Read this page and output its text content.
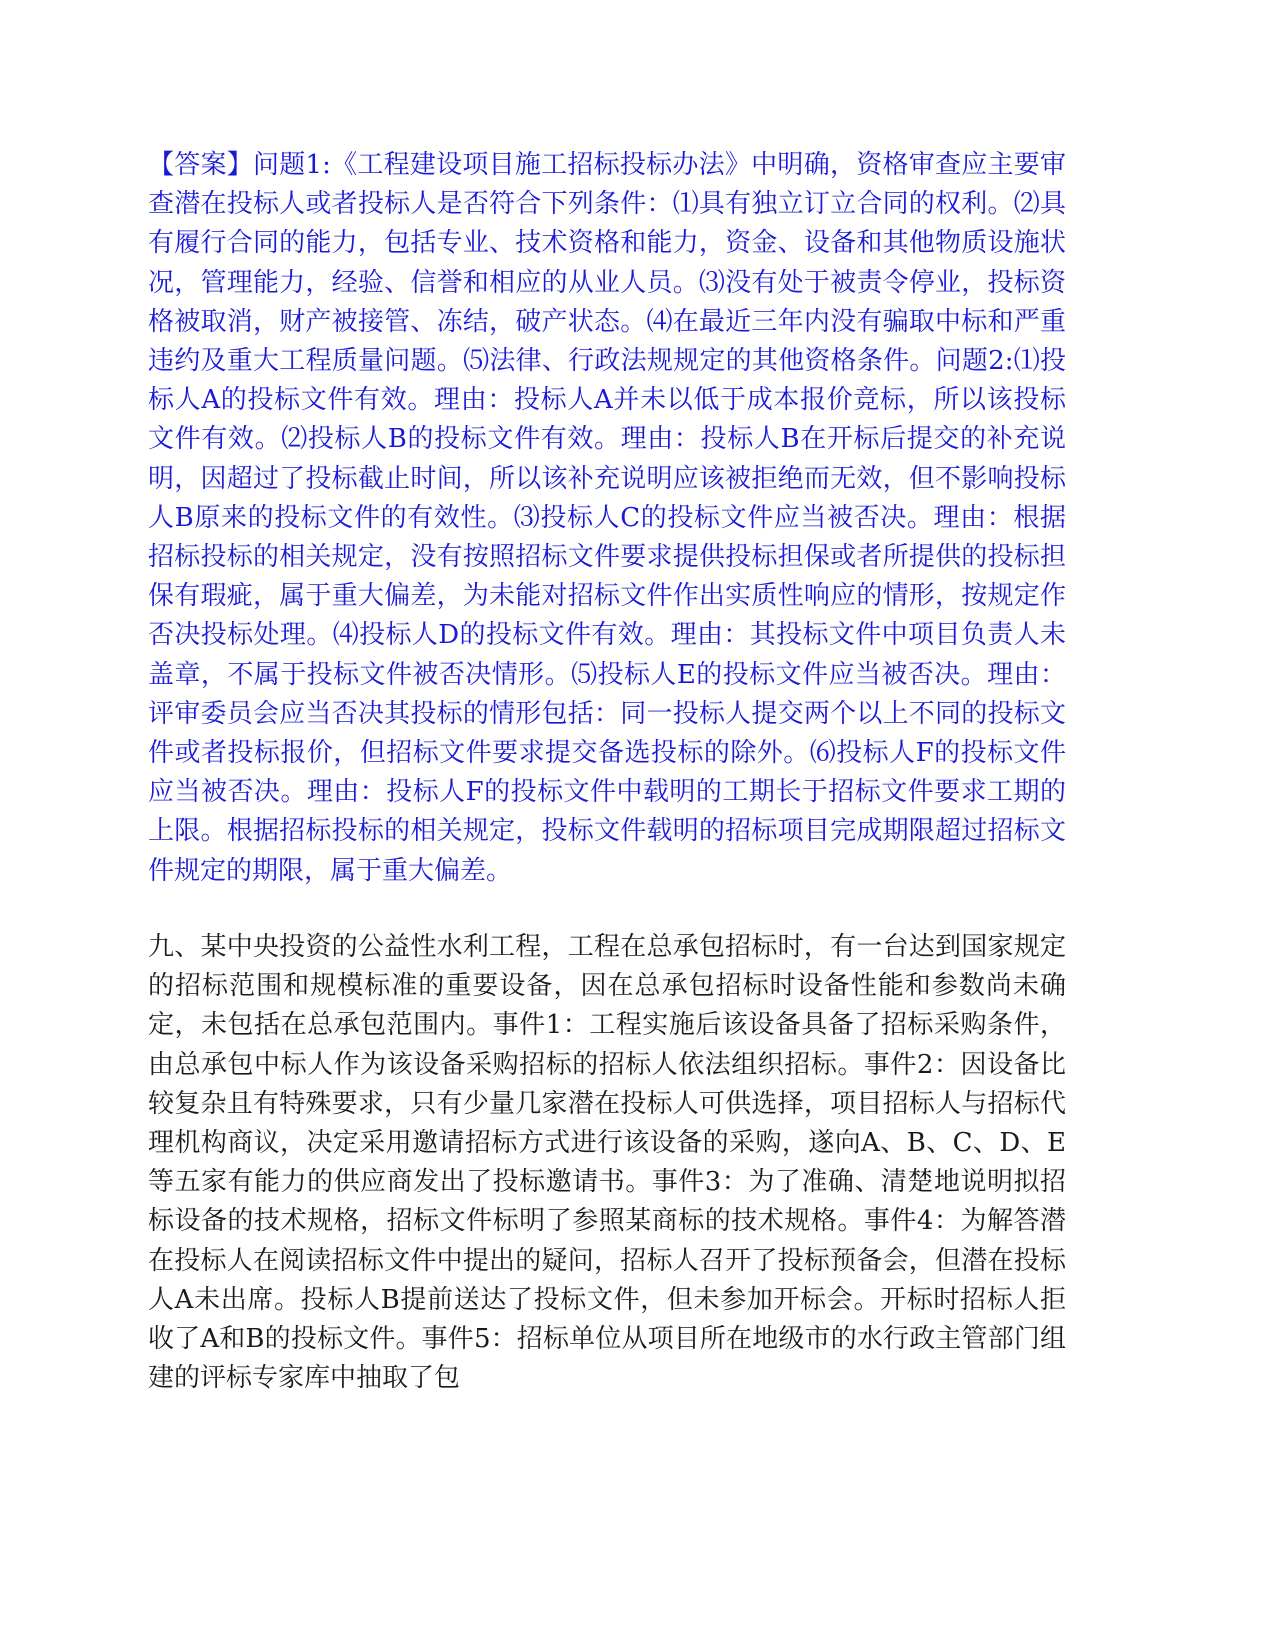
【答案】问题1:《工程建设项目施工招标投标办法》中明确，资格审查应主要审查潜在投标人或者投标人是否符合下列条件：⑴具有独立订立合同的权利。⑵具有履行合同的能力，包括专业、技术资格和能力，资金、设备和其他物质设施状况，管理能力，经验、信誉和相应的从业人员。⑶没有处于被责令停业，投标资格被取消，财产被接管、冻结，破产状态。⑷在最近三年内没有骗取中标和严重违约及重大工程质量问题。⑸法律、行政法规规定的其他资格条件。问题2:⑴投标人A的投标文件有效。理由：投标人A并未以低于成本报价竞标，所以该投标文件有效。⑵投标人B的投标文件有效。理由：投标人B在开标后提交的补充说明，因超过了投标截止时间，所以该补充说明应该被拒绝而无效，但不影响投标人B原来的投标文件的有效性。⑶投标人C的投标文件应当被否决。理由：根据招标投标的相关规定，没有按照招标文件要求提供投标担保或者所提供的投标担保有瑕疵，属于重大偏差，为未能对招标文件作出实质性响应的情形，按规定作否决投标处理。⑷投标人D的投标文件有效。理由：其投标文件中项目负责人未盖章，不属于投标文件被否决情形。⑸投标人E的投标文件应当被否决。理由：评审委员会应当否决其投标的情形包括：同一投标人提交两个以上不同的投标文件或者投标报价，但招标文件要求提交备选投标的除外。⑹投标人F的投标文件应当被否决。理由：投标人F的投标文件中载明的工期长于招标文件要求工期的上限。根据招标投标的相关规定，投标文件载明的招标项目完成期限超过招标文件规定的期限，属于重大偏差。

九、某中央投资的公益性水利工程，工程在总承包招标时，有一台达到国家规定的招标范围和规模标准的重要设备，因在总承包招标时设备性能和参数尚未确定，未包括在总承包范围内。事件1：工程实施后该设备具备了招标采购条件，由总承包中标人作为该设备采购招标的招标人依法组织招标。事件2：因设备比较复杂且有特殊要求，只有少量几家潜在投标人可供选择，项目招标人与招标代理机构商议，决定采用邀请招标方式进行该设备的采购，遂向A、B、C、D、E等五家有能力的供应商发出了投标邀请书。事件3：为了准确、清楚地说明拟招标设备的技术规格，招标文件标明了参照某商标的技术规格。事件4：为解答潜在投标人在阅读招标文件中提出的疑问，招标人召开了投标预备会，但潜在投标人A未出席。投标人B提前送达了投标文件，但未参加开标会。开标时招标人拒收了A和B的投标文件。事件5：招标单位从项目所在地级市的水行政主管部门组建的评标专家库中抽取了包
